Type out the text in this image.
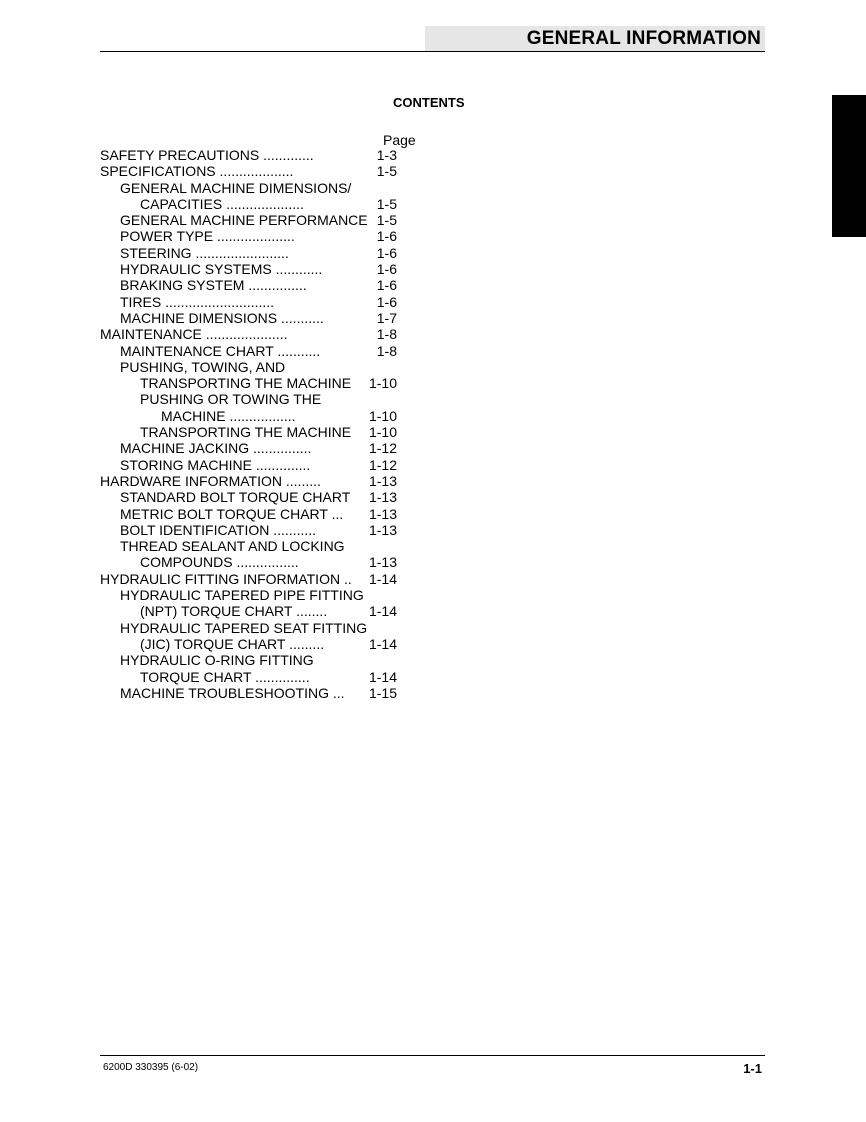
GENERAL INFORMATION
CONTENTS
Page
SAFETY PRECAUTIONS .............	1-3
SPECIFICATIONS ...................	1-5
GENERAL MACHINE DIMENSIONS/
CAPACITIES ....................	1-5
GENERAL MACHINE PERFORMANCE 1-5
POWER TYPE ....................	1-6
STEERING ........................	1-6
HYDRAULIC SYSTEMS ............	1-6
BRAKING SYSTEM ...............	1-6
TIRES ............................	1-6
MACHINE DIMENSIONS ...........	1-7
MAINTENANCE .....................	1-8
MAINTENANCE CHART ...........	1-8
PUSHING, TOWING, AND
TRANSPORTING THE MACHINE 1-10
PUSHING OR TOWING THE
MACHINE .................	1-10
TRANSPORTING THE MACHINE 1-10
MACHINE JACKING ...............	1-12
STORING MACHINE ..............	1-12
HARDWARE INFORMATION .........	1-13
STANDARD BOLT TORQUE CHART 1-13
METRIC BOLT TORQUE CHART ... 1-13
BOLT IDENTIFICATION ...........	1-13
THREAD SEALANT AND LOCKING
COMPOUNDS ................	1-13
HYDRAULIC FITTING INFORMATION .. 1-14
HYDRAULIC TAPERED PIPE FITTING
(NPT) TORQUE CHART ........	1-14
HYDRAULIC TAPERED SEAT FITTING
(JIC) TORQUE CHART .........	1-14
HYDRAULIC O-RING FITTING
TORQUE CHART ..............	1-14
MACHINE TROUBLESHOOTING ... 1-15
6200D 330395 (6-02)	1-1
